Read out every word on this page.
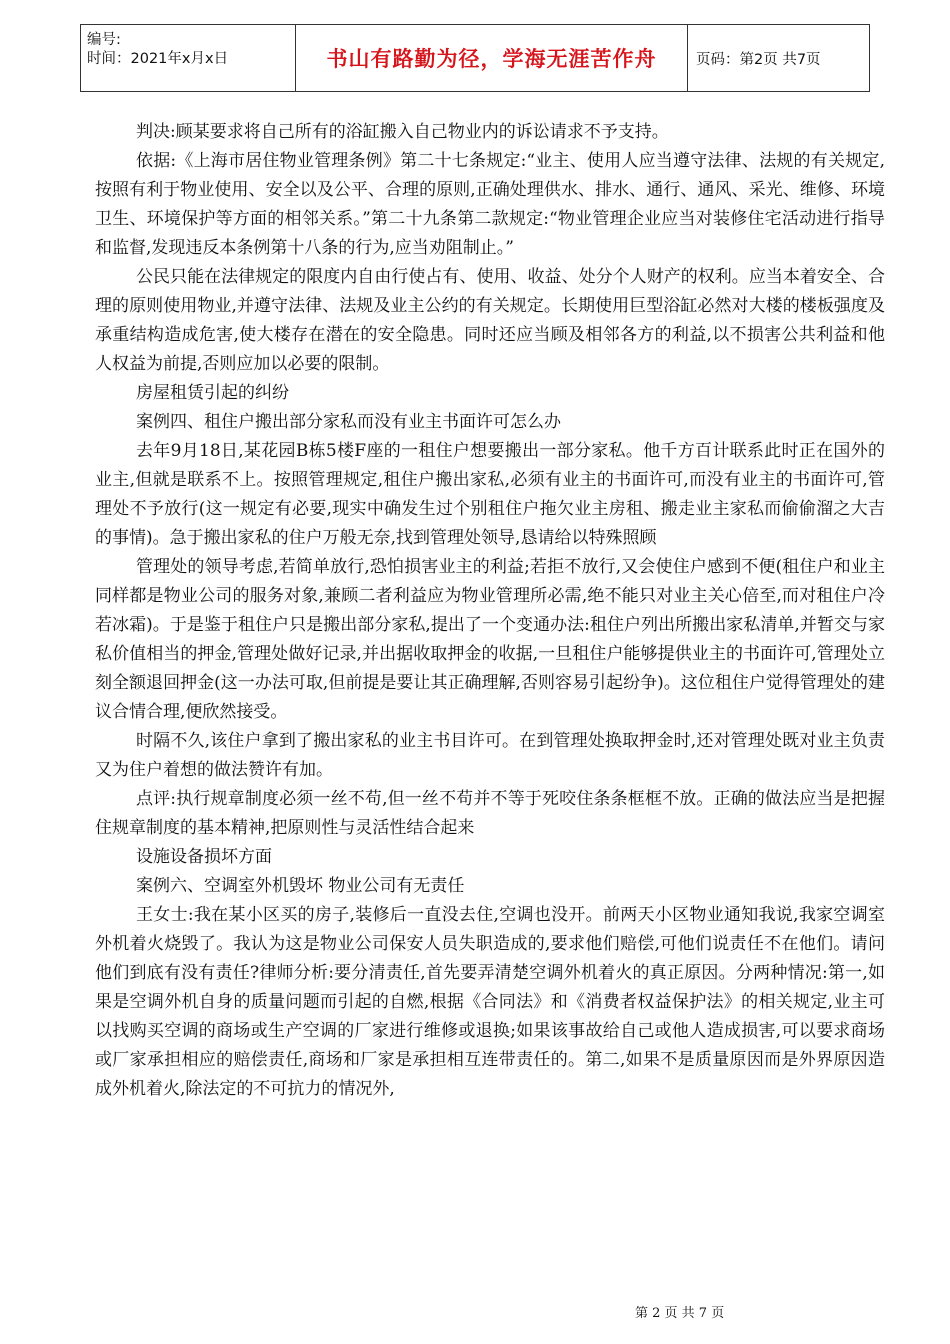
编号:
时间：2021年x月x日	书山有路勤为径，学海无涯苦作舟	页码：第2页 共7页

判决:顾某要求将自己所有的浴缸搬入自己物业内的诉讼请求不予支持。

依据:《上海市居住物业管理条例》第二十七条规定:“业主、使用人应当遵守法律、法规的有关规定,按照有利于物业使用、安全以及公平、合理的原则,正确处理供水、排水、通行、通风、采光、维修、环境卫生、环境保护等方面的相邻关系。”第二十九条第二款规定:“物业管理企业应当对装修住宅活动进行指导和监督,发现违反本条例第十八条的行为,应当劝阻制止。”

公民只能在法律规定的限度内自由行使占有、使用、收益、处分个人财产的权利。应当本着安全、合理的原则使用物业,并遵守法律、法规及业主公约的有关规定。长期使用巨型浴缸必然对大楼的楼板强度及承重结构造成危害,使大楼存在潜在的安全隐患。同时还应当顾及相邻各方的利益,以不损害公共利益和他人权益为前提,否则应加以必要的限制。

房屋租赁引起的纠纷

案例四、租住户搬出部分家私而没有业主书面许可怎么办

去年9月18日,某花园B栋5楼F座的一租住户想要搬出一部分家私。他千方百计联系此时正在国外的业主,但就是联系不上。按照管理规定,租住户搬出家私,必须有业主的书面许可,而没有业主的书面许可,管理处不予放行(这一规定有必要,现实中确发生过个别租住户拖欠业主房租、搬走业主家私而偷偷溜之大吉的事情)。急于搬出家私的住户万般无奈,找到管理处领导,恳请给以特殊照顾

管理处的领导考虑,若简单放行,恐怕损害业主的利益;若拒不放行,又会使住户感到不便(租住户和业主同样都是物业公司的服务对象,兼顾二者利益应为物业管理所必需,绝不能只对业主关心倍至,而对租住户冷若冰霜)。于是鉴于租住户只是搬出部分家私,提出了一个变通办法:租住户列出所搬出家私清单,并暂交与家私价值相当的押金,管理处做好记录,并出据收取押金的收据,一旦租住户能够提供业主的书面许可,管理处立刻全额退回押金(这一办法可取,但前提是要让其正确理解,否则容易引起纷争)。这位租住户觉得管理处的建议合情合理,便欣然接受。

时隔不久,该住户拿到了搬出家私的业主书目许可。在到管理处换取押金时,还对管理处既对业主负责又为住户着想的做法赞许有加。

点评:执行规章制度必须一丝不苟,但一丝不苟并不等于死咬住条条框框不放。正确的做法应当是把握住规章制度的基本精神,把原则性与灵活性结合起来

设施设备损坏方面

案例六、空调室外机毁坏 物业公司有无责任

王女士:我在某小区买的房子,装修后一直没去住,空调也没开。前两天小区物业通知我说,我家空调室外机着火烧毁了。我认为这是物业公司保安人员失职造成的,要求他们赔偿,可他们说责任不在他们。请问他们到底有没有责任?律师分析:要分清责任,首先要弄清楚空调外机着火的真正原因。分两种情况:第一,如果是空调外机自身的质量问题而引起的自燃,根据《合同法》和《消费者权益保护法》的相关规定,业主可以找购买空调的商场或生产空调的厂家进行维修或退换;如果该事故给自己或他人造成损害,可以要求商场或厂家承担相应的赔偿责任,商场和厂家是承担相互连带责任的。第二,如果不是质量原因而是外界原因造成外机着火,除法定的不可抗力的情况外,

第 2 页 共 7 页
